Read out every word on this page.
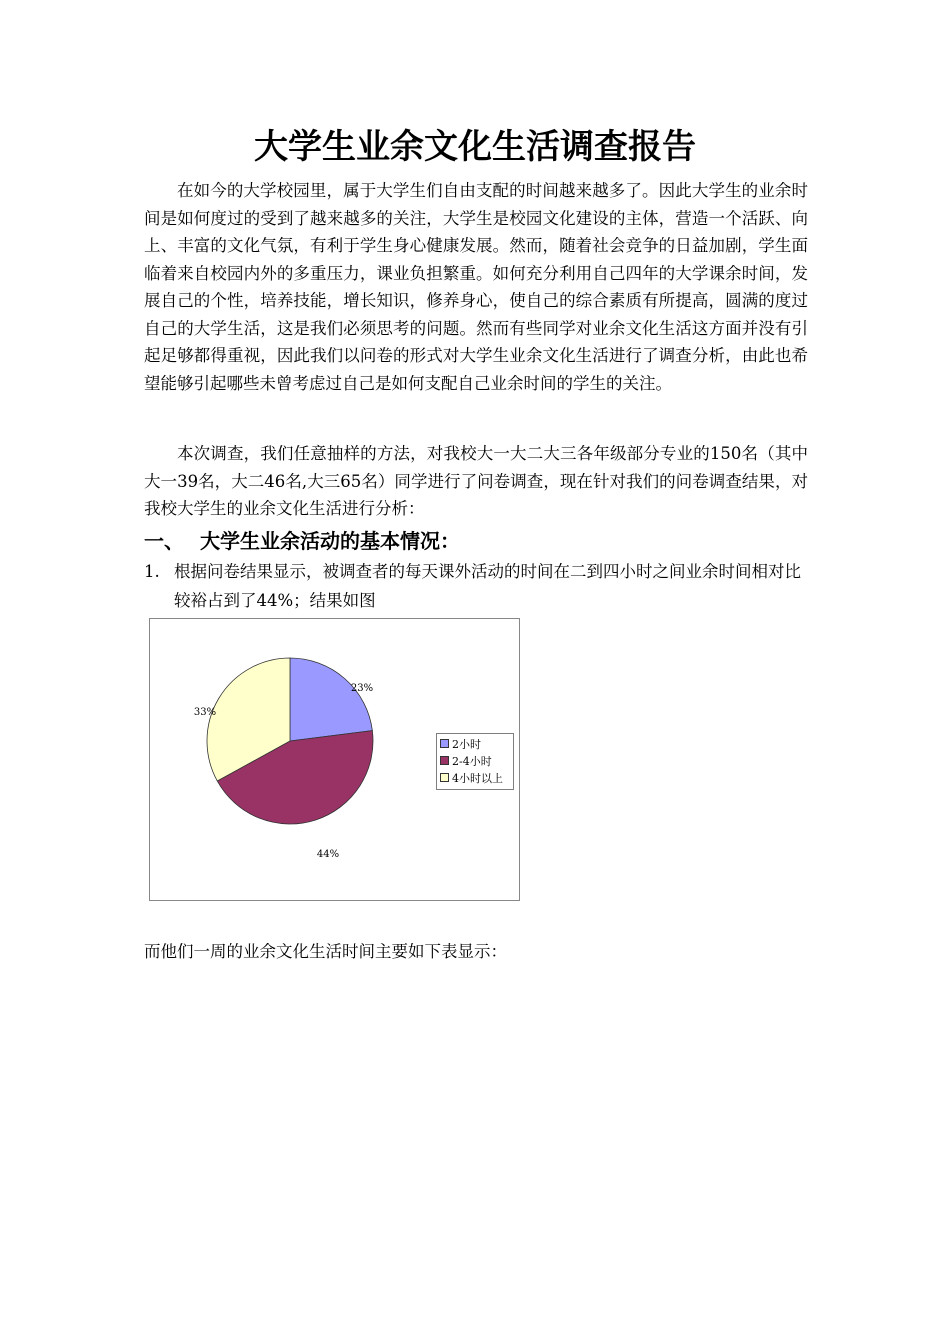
大学生业余文化生活调查报告

在如今的大学校园里，属于大学生们自由支配的时间越来越多了。因此大学生的业余时间是如何度过的受到了越来越多的关注，大学生是校园文化建设的主体，营造一个活跃、向上、丰富的文化气氛，有利于学生身心健康发展。然而，随着社会竞争的日益加剧，学生面临着来自校园内外的多重压力，课业负担繁重。如何充分利用自己四年的大学课余时间，发展自己的个性，培养技能，增长知识，修养身心，使自己的综合素质有所提高，圆满的度过自己的大学生活，这是我们必须思考的问题。然而有些同学对业余文化生活这方面并没有引起足够都得重视，因此我们以问卷的形式对大学生业余文化生活进行了调查分析，由此也希望能够引起哪些未曾考虑过自己是如何支配自己业余时间的学生的关注。

本次调查，我们任意抽样的方法，对我校大一大二大三各年级部分专业的150名（其中大一39名，大二46名,大三65名）同学进行了问卷调查，现在针对我们的问卷调查结果，对我校大学生的业余文化生活进行分析：

一、 大学生业余活动的基本情况：

1. 根据问卷结果显示，被调查者的每天课外活动的时间在二到四小时之间业余时间相对比较裕占到了44%；结果如图

23%
44%
33%
2小时
2-4小时
4小时以上

而他们一周的业余文化生活时间主要如下表显示：
